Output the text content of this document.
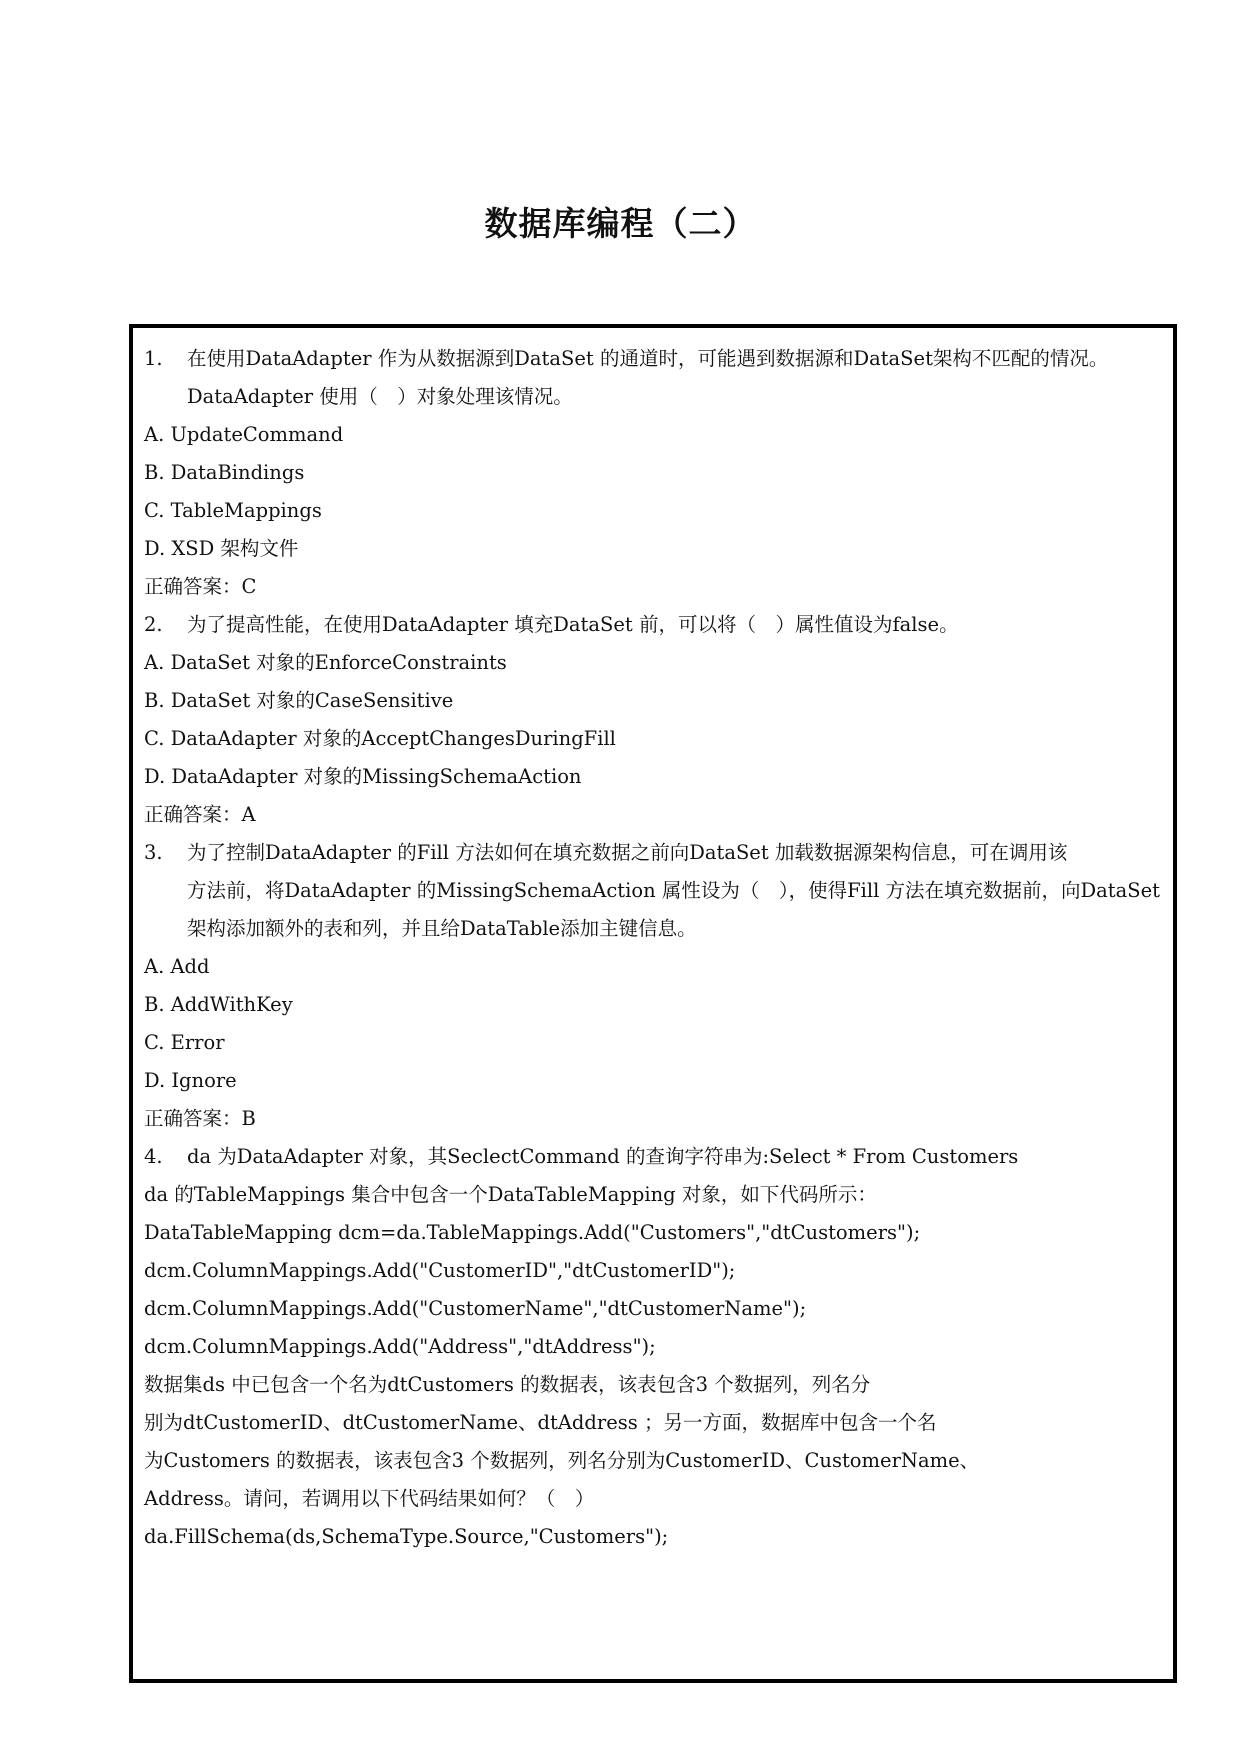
数据库编程（二）
1. 在使用DataAdapter 作为从数据源到DataSet 的通道时，可能遇到数据源和DataSet架构不匹配的情况。
DataAdapter 使用（　）对象处理该情况。
A. UpdateCommand
B. DataBindings
C. TableMappings
D. XSD 架构文件
正确答案：C
2. 为了提高性能，在使用DataAdapter 填充DataSet 前，可以将（　）属性值设为false。
A. DataSet 对象的EnforceConstraints
B. DataSet 对象的CaseSensitive
C. DataAdapter 对象的AcceptChangesDuringFill
D. DataAdapter 对象的MissingSchemaAction
正确答案：A
3. 为了控制DataAdapter 的Fill 方法如何在填充数据之前向DataSet 加载数据源架构信息，可在调用该
方法前，将DataAdapter 的MissingSchemaAction 属性设为（　），使得Fill 方法在填充数据前，向DataSet
架构添加额外的表和列，并且给DataTable添加主键信息。
A. Add
B. AddWithKey
C. Error
D. Ignore
正确答案：B
4. da 为DataAdapter 对象，其SeclectCommand 的查询字符串为:Select * From Customers
da 的TableMappings 集合中包含一个DataTableMapping 对象，如下代码所示：
DataTableMapping dcm=da.TableMappings.Add("Customers","dtCustomers");
dcm.ColumnMappings.Add("CustomerID","dtCustomerID");
dcm.ColumnMappings.Add("CustomerName","dtCustomerName");
dcm.ColumnMappings.Add("Address","dtAddress");
数据集ds 中已包含一个名为dtCustomers 的数据表，该表包含3 个数据列，列名分
别为dtCustomerID、dtCustomerName、dtAddress ；另一方面，数据库中包含一个名
为Customers 的数据表，该表包含3 个数据列，列名分别为CustomerID、CustomerName、
Address。请问，若调用以下代码结果如何？（　）
da.FillSchema(ds,SchemaType.Source,"Customers");
